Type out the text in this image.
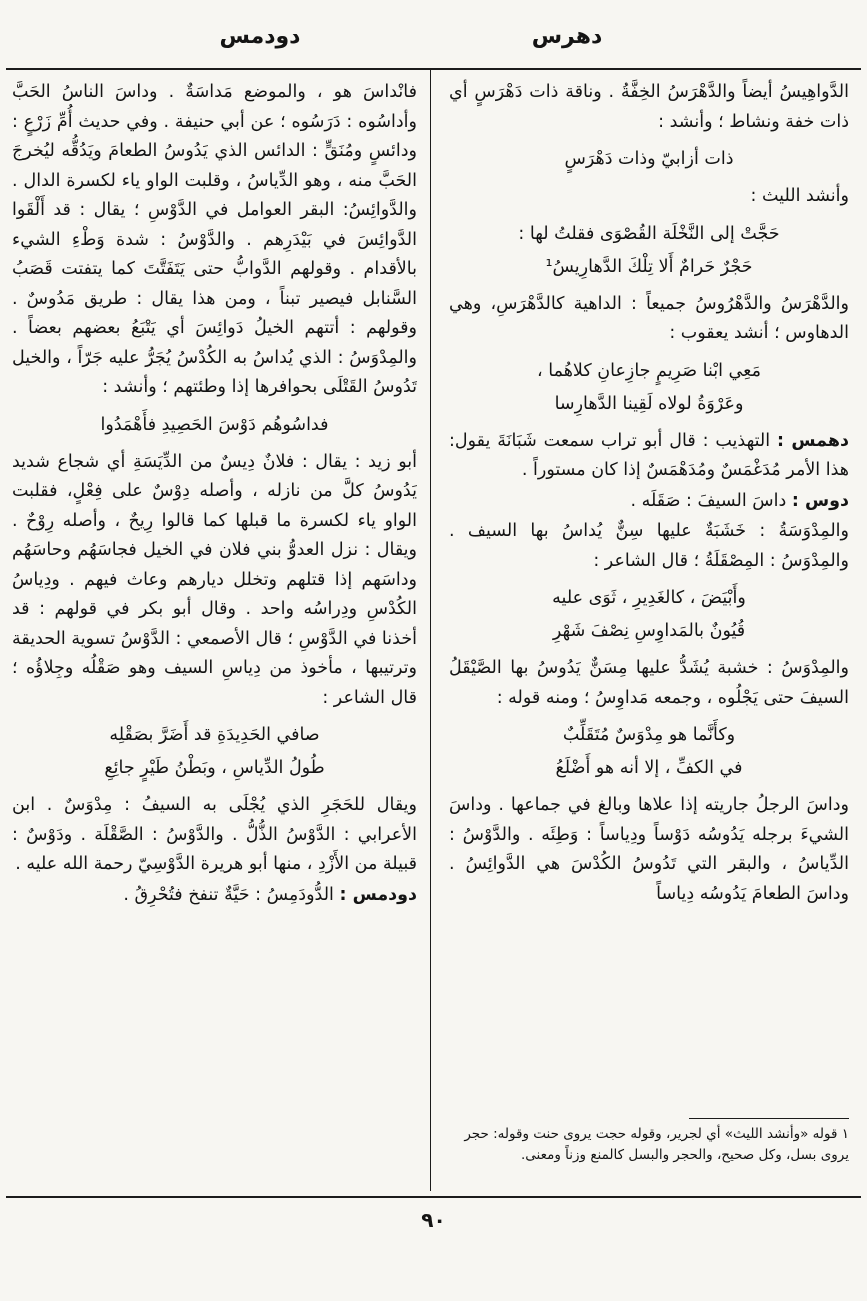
دهرس
دودمس

الدَّواهِيسُ أيضاً والدَّهْرَسُ الخِفَّةُ . وناقة ذات دَهْرَسٍ أي ذات خفة ونشاط ؛ وأنشد :

ذات أزابيّ وذات دَهْرَسٍ

وأنشد الليث :

حَجَّتْ إلى النَّخْلَة القُصْوَى فقلتُ لها :
حَجْرٌ حَرامٌ أَلا تِلْكَ الدَّهارِيسُ¹

والدَّهْرَسُ والدَّهْرُوسُ جميعاً : الداهية كالدَّهْرَسِ، وهي الدهاوس ؛ أنشد يعقوب :

مَعِي ابْنا صَرِيمٍ جازِعانِ كلاهُما ،
وعَرْوَةُ لولاه لَقِينا الدَّهارِسا

دهمس : التهذيب : قال أبو تراب سمعت شَبَانَةَ يقول: هذا الأمر مُدَغْمَسٌ ومُدَهْمَسٌ إذا كان مستوراً .

دوس : داسَ السيفَ : صَقَلَه .

والمِدْوَسَةُ : خَشَبَةٌ عليها سِنٌّ يُداسُ بها السيف . والمِدْوَسُ : المِصْقَلَةُ ؛ قال الشاعر :

وأَبْيَضَ ، كالغَدِيرِ ، ثَوَى عليه
قُيُونٌ بالمَداوِسِ نِصْفَ شَهْرِ

والمِدْوَسُ : خشبة يُشَدُّ عليها مِسَنٌّ يَدُوسُ بها الصَّيْقَلُ السيفَ حتى يَجْلُوه ، وجمعه مَداوِسُ ؛ ومنه قوله :

وكأَنَّما هو مِدْوَسٌ مُتَقَلِّبٌ
في الكفِّ ، إلا أنه هو أَضْلَعُ

وداسَ الرجلُ جاريته إذا علاها وبالغ في جماعها . وداسَ الشيءَ برجله يَدُوسُه دَوْساً ودِياساً : وَطِئَه . والدَّوْسُ : الدِّياسُ ، والبقر التي تَدُوسُ الكُدْسَ هي الدَّوائِسُ . وداسَ الطعامَ يَدُوسُه دِياساً

١ قوله «وأنشد الليث» أي لجرير، وقوله حجت يروى حنت وقوله: حجر يروى بسل، وكل صحيح، والحجر والبسل كالمنع وزناً ومعنى.

فانْداسَ هو ، والموضع مَداسَةٌ . وداسَ الناسُ الحَبَّ وأداسُوه : دَرَسُوه ؛ عن أبي حنيفة . وفي حديث أُمِّ زَرْعٍ : ودائسٍ ومُنَقٍّ : الدائس الذي يَدُوسُ الطعامَ ويَدُقُّه ليُخرجَ الحَبَّ منه ، وهو الدِّياسُ ، وقلبت الواو ياء لكسرة الدال . والدَّوائِسُ: البقر العوامل في الدَّوْسِ ؛ يقال : قد أَلْقَوا الدَّوائِسَ في بَيْدَرِهم . والدَّوْسُ : شدة وَطْءِ الشيء بالأقدام . وقولهم الدَّوابُّ حتى يَتَفَتَّتَ كما يتفتت قَصَبُ السَّنابل فيصير تبناً ، ومن هذا يقال : طريق مَدُوسٌ . وقولهم : أتتهم الخيلُ دَوائِسَ أي يَتْبَعُ بعضهم بعضاً . والمِدْوَسُ : الذي يُداسُ به الكُدْسُ يُجَرُّ عليه جَرّاً ، والخيل تَدُوسُ القَتْلَى بحوافرها إذا وطئتهم ؛ وأنشد :

فداسُوهُم دَوْسَ الحَصِيدِ فأَهْمَدُوا

أبو زيد : يقال : فلانٌ دِيسٌ من الدِّيَسَةِ أي شجاع شديد يَدُوسُ كلَّ من نازله ، وأصله دِوْسٌ على فِعْلٍ، فقلبت الواو ياء لكسرة ما قبلها كما قالوا رِيحٌ ، وأصله رِوْحٌ . ويقال : نزل العدوُّ بني فلان في الخيل فجاسَهُم وحاسَهُم وداسَهم إذا قتلهم وتخلل ديارهم وعاث فيهم . ودِياسُ الكُدْسِ ودِراسُه واحد . وقال أبو بكر في قولهم : قد أخذنا في الدَّوْسِ ؛ قال الأصمعي : الدَّوْسُ تسوية الحديقة وترتيبها ، مأخوذ من دِياسِ السيف وهو صَقْلُه وجِلاؤُه ؛ قال الشاعر :

صافي الحَدِيدَةِ قد أَضَرَّ بصَقْلِه
طُولُ الدِّياسِ ، وبَطْنُ طَيْرٍ جائِعِ

ويقال للحَجَرِ الذي يُجْلَى به السيفُ : مِدْوَسٌ . ابن الأعرابي : الدَّوْسُ الذُّلُّ . والدَّوْسُ : الصَّقْلَة . ودَوْسٌ : قبيلة من الأَزْدِ ، منها أبو هريرة الدَّوْسِيّ رحمة الله عليه .

دودمس : الدُّودَمِسُ : حَيَّةٌ تنفخ فتُحْرِقُ .

٩٠
